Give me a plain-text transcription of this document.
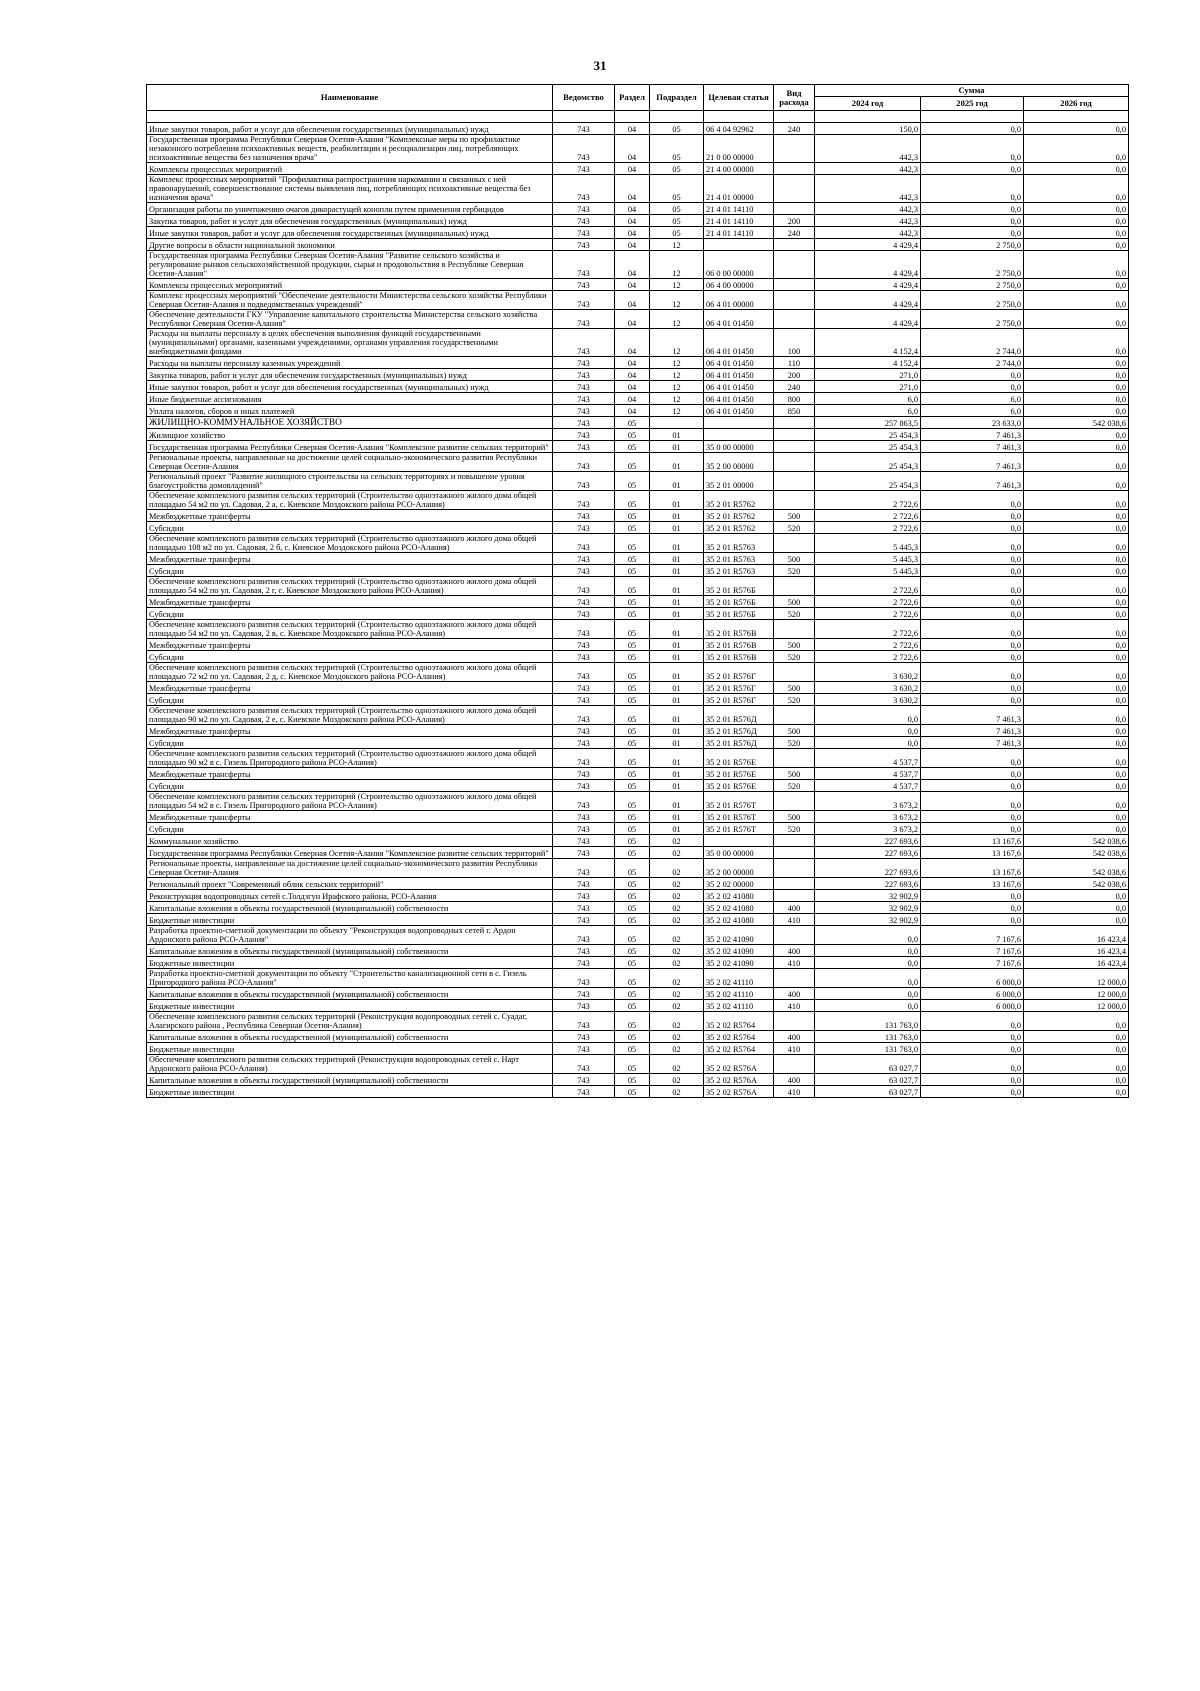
31
Наименование	Ведомство	Раздел	Подраздел	Целевая статья	Вид расхода	Сумма		
						2024 год	2025 год	2026 год

Иные закупки товаров, работ и услуг для обеспечения государственных (муниципальных) нужд	743	04	05	06 4 04 92962	240	150,0	0,0	0,0
Государственная программа Республики Северная Осетия-Алания "Комплексные меры по профилактике незаконного потребления психоактивных веществ, реабилитации и ресоциализации лиц, потребляющих психоактивные вещества без назначения врача"	743	04	05	21 0 00 00000		442,3	0,0	0,0
Комплексы процессных мероприятий	743	04	05	21 4 00 00000		442,3	0,0	0,0
Комплекс процессных мероприятий "Профилактика распространения наркомании и связанных с ней правонарушений, совершенствование системы выявления лиц, потребляющих психоактивные вещества без назначения врача"	743	04	05	21 4 01 00000		442,3	0,0	0,0
Организация работы по уничтожению очагов дикорастущей конопли путем применения гербицидов	743	04	05	21 4 01 14110		442,3	0,0	0,0
Закупка товаров, работ и услуг для обеспечения государственных (муниципальных) нужд	743	04	05	21 4 01 14110	200	442,3	0,0	0,0
Иные закупки товаров, работ и услуг для обеспечения государственных (муниципальных) нужд	743	04	05	21 4 01 14110	240	442,3	0,0	0,0
Другие вопросы в области национальной экономики	743	04	12			4 429,4	2 750,0	0,0
Государственная программа Республики Северная Осетия-Алания "Развитие сельского хозяйства и регулирование рынков сельскохозяйственной продукции, сырья и продовольствия в Республике Северная Осетия-Алания"	743	04	12	06 0 00 00000		4 429,4	2 750,0	0,0
Комплексы процессных мероприятий	743	04	12	06 4 00 00000		4 429,4	2 750,0	0,0
Комплекс процессных мероприятий "Обеспечение деятельности Министерства сельского хозяйства Республики Северная Осетия-Алания и подведомственных учреждений"	743	04	12	06 4 01 00000		4 429,4	2 750,0	0,0
Обеспечение деятельности ГКУ "Управление капитального строительства Министерства сельского хозяйства Республики Северная Осетия-Алания"	743	04	12	06 4 01 01450		4 429,4	2 750,0	0,0
Расходы на выплаты персоналу в целях обеспечения выполнения функций государственными (муниципальными) органами, казенными учреждениями, органами управления государственными внебюджетными фондами	743	04	12	06 4 01 01450	100	4 152,4	2 744,0	0,0
Расходы на выплаты персоналу казенных учреждений	743	04	12	06 4 01 01450	110	4 152,4	2 744,0	0,0
Закупка товаров, работ и услуг для обеспечения государственных (муниципальных) нужд	743	04	12	06 4 01 01450	200	271,0	0,0	0,0
Иные закупки товаров, работ и услуг для обеспечения государственных (муниципальных) нужд	743	04	12	06 4 01 01450	240	271,0	0,0	0,0
Иные бюджетные ассигнования	743	04	12	06 4 01 01450	800	6,0	6,0	0,0
Уплата налогов, сборов и иных платежей	743	04	12	06 4 01 01450	850	6,0	6,0	0,0
ЖИЛИЩНО-КОММУНАЛЬНОЕ ХОЗЯЙСТВО	743	05				257 863,5	23 633,0	542 038,6
Жилищное хозяйство	743	05	01			25 454,3	7 461,3	0,0
Государственная программа Республики Северная Осетия-Алания "Комплексное развитие сельских территорий"	743	05	01	35 0 00 00000		25 454,3	7 461,3	0,0
Региональные проекты, направленные на достижение целей социально-экономического развития Республики Северная Осетия-Алания	743	05	01	35 2 00 00000		25 454,3	7 461,3	0,0
Региональный проект "Развитие жилищного строительства на сельских территориях и повышение уровня благоустройства домовладений"	743	05	01	35 2 01 00000		25 454,3	7 461,3	0,0
Обеспечение комплексного развития сельских территорий (Строительство одноэтажного жилого дома общей площадью 54 м2 по ул. Садовая, 2 а, с. Киевское Моздокского района РСО-Алания)	743	05	01	35 2 01 R5762		2 722,6	0,0	0,0
Межбюджетные трансферты	743	05	01	35 2 01 R5762	500	2 722,6	0,0	0,0
Субсидии	743	05	01	35 2 01 R5762	520	2 722,6	0,0	0,0
Обеспечение комплексного развития сельских территорий (Строительство одноэтажного жилого дома общей площадью 108 м2 по ул. Садовая, 2 б, с. Киевское Моздокского района РСО-Алания)	743	05	01	35 2 01 R5763		5 445,3	0,0	0,0
Межбюджетные трансферты	743	05	01	35 2 01 R5763	500	5 445,3	0,0	0,0
Субсидии	743	05	01	35 2 01 R5763	520	5 445,3	0,0	0,0
Обеспечение комплексного развития сельских территорий (Строительство одноэтажного жилого дома общей площадью 54 м2 по ул. Садовая, 2 г, с. Киевское Моздокского района РСО-Алания)	743	05	01	35 2 01 R576Б		2 722,6	0,0	0,0
Межбюджетные трансферты	743	05	01	35 2 01 R576Б	500	2 722,6	0,0	0,0
Субсидии	743	05	01	35 2 01 R576Б	520	2 722,6	0,0	0,0
Обеспечение комплексного развития сельских территорий (Строительство одноэтажного жилого дома общей площадью 54 м2 по ул. Садовая, 2 в, с. Киевское Моздокского района РСО-Алания)	743	05	01	35 2 01 R576В		2 722,6	0,0	0,0
Межбюджетные трансферты	743	05	01	35 2 01 R576В	500	2 722,6	0,0	0,0
Субсидии	743	05	01	35 2 01 R576В	520	2 722,6	0,0	0,0
Обеспечение комплексного развития сельских территорий (Строительство одноэтажного жилого дома общей площадью 72 м2 по ул. Садовая, 2 д, с. Киевское Моздокского района РСО-Алания)	743	05	01	35 2 01 R576Г		3 630,2	0,0	0,0
Межбюджетные трансферты	743	05	01	35 2 01 R576Г	500	3 630,2	0,0	0,0
Субсидии	743	05	01	35 2 01 R576Г	520	3 630,2	0,0	0,0
Обеспечение комплексного развития сельских территорий (Строительство одноэтажного жилого дома общей площадью 90 м2 по ул. Садовая, 2 е, с. Киевское Моздокского района РСО-Алания)	743	05	01	35 2 01 R576Д		0,0	7 461,3	0,0
Межбюджетные трансферты	743	05	01	35 2 01 R576Д	500	0,0	7 461,3	0,0
Субсидии	743	05	01	35 2 01 R576Д	520	0,0	7 461,3	0,0
Обеспечение комплексного развития сельских территорий (Строительство одноэтажного жилого дома общей площадью 90 м2 в с. Гизель Пригородного района РСО-Алания)	743	05	01	35 2 01 R576Е		4 537,7	0,0	0,0
Межбюджетные трансферты	743	05	01	35 2 01 R576Е	500	4 537,7	0,0	0,0
Субсидии	743	05	01	35 2 01 R576Е	520	4 537,7	0,0	0,0
Обеспечение комплексного развития сельских территорий (Строительство одноэтажного жилого дома общей площадью 54 м2 в с. Гизель Пригородного района РСО-Алания)	743	05	01	35 2 01 R576Т		3 673,2	0,0	0,0
Межбюджетные трансферты	743	05	01	35 2 01 R576Т	500	3 673,2	0,0	0,0
Субсидии	743	05	01	35 2 01 R576Т	520	3 673,2	0,0	0,0
Коммунальное хозяйство	743	05	02			227 693,6	13 167,6	542 038,6
Государственная программа Республики Северная Осетия-Алания "Комплексное развитие сельских территорий"	743	05	02	35 0 00 00000		227 693,6	13 167,6	542 038,6
Региональные проекты, направленные на достижение целей социально-экономического развития Республики Северная Осетия-Алания	743	05	02	35 2 00 00000		227 693,6	13 167,6	542 038,6
Региональный проект "Современный облик сельских территорий"	743	05	02	35 2 02 00000		227 693,6	13 167,6	542 038,6
Реконструкция водопроводных сетей с.Толдзгун Ирафского района, РСО-Алания	743	05	02	35 2 02 41080		32 902,9	0,0	0,0
Капитальные вложения в объекты государственной (муниципальной) собственности	743	05	02	35 2 02 41080	400	32 902,9	0,0	0,0
Бюджетные инвестиции	743	05	02	35 2 02 41080	410	32 902,9	0,0	0,0
Разработка проектно-сметной документации по объекту "Реконструкция водопроводных сетей г. Ардон Ардонского района РСО-Алания"	743	05	02	35 2 02 41090		0,0	7 167,6	16 423,4
Капитальные вложения в объекты государственной (муниципальной) собственности	743	05	02	35 2 02 41090	400	0,0	7 167,6	16 423,4
Бюджетные инвестиции	743	05	02	35 2 02 41090	410	0,0	7 167,6	16 423,4
Разработка проектно-сметной документации по объекту "Строительство канализационной сети в с. Гизель Пригородного района РСО-Алания"	743	05	02	35 2 02 41110		0,0	6 000,0	12 000,0
Капитальные вложения в объекты государственной (муниципальной) собственности	743	05	02	35 2 02 41110	400	0,0	6 000,0	12 000,0
Бюджетные инвестиции	743	05	02	35 2 02 41110	410	0,0	6 000,0	12 000,0
Обеспечение комплексного развития сельских территорий (Реконструкция водопроводных сетей с. Суадаг, Алагирского района , Республика Северная Осетия-Алания)	743	05	02	35 2 02 R5764		131 763,0	0,0	0,0
Капитальные вложения в объекты государственной (муниципальной) собственности	743	05	02	35 2 02 R5764	400	131 763,0	0,0	0,0
Бюджетные инвестиции	743	05	02	35 2 02 R5764	410	131 763,0	0,0	0,0
Обеспечение комплексного развития сельских территорий (Реконструкция водопроводных сетей с. Нарт Ардонского района РСО-Алания)	743	05	02	35 2 02 R576А		63 027,7	0,0	0,0
Капитальные вложения в объекты государственной (муниципальной) собственности	743	05	02	35 2 02 R576А	400	63 027,7	0,0	0,0
Бюджетные инвестиции	743	05	02	35 2 02 R576А	410	63 027,7	0,0	0,0
